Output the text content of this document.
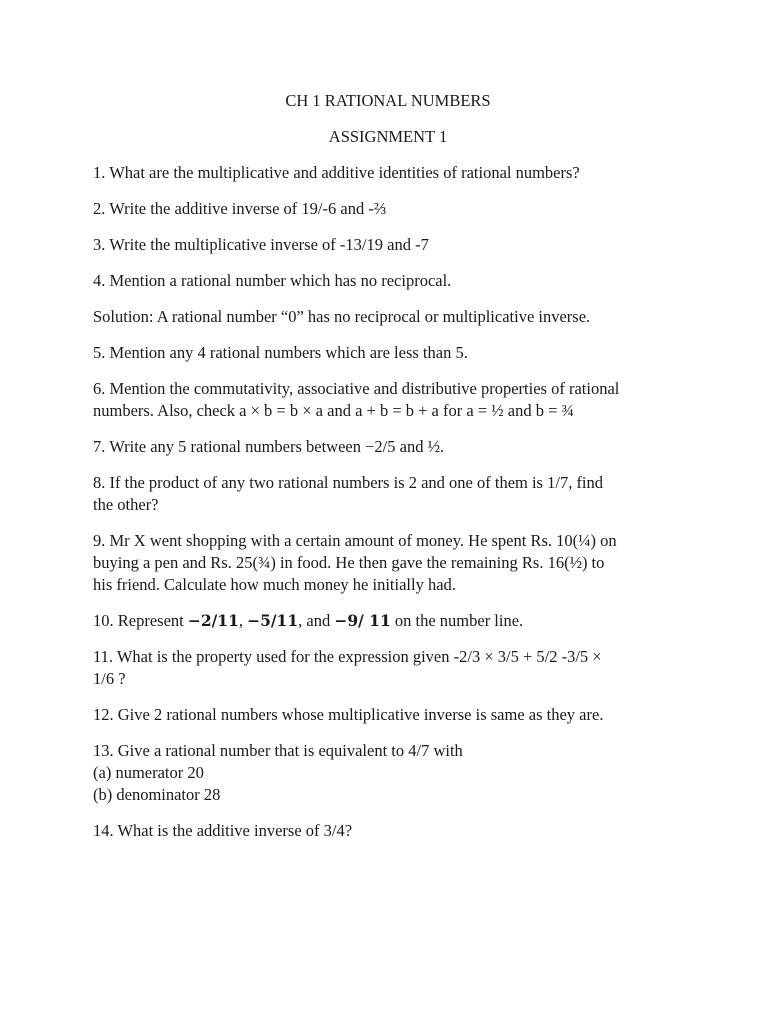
CH 1 RATIONAL NUMBERS

ASSIGNMENT 1

1. What are the multiplicative and additive identities of rational numbers?

2. Write the additive inverse of 19/-6 and -⅔

3. Write the multiplicative inverse of -13/19 and -7

4. Mention a rational number which has no reciprocal.

Solution: A rational number “0” has no reciprocal or multiplicative inverse.

5. Mention any 4 rational numbers which are less than 5.

6. Mention the commutativity, associative and distributive properties of rational
numbers. Also, check a × b = b × a and a + b = b + a for a = ½ and b = ¾

7. Write any 5 rational numbers between −2/5 and ½.

8. If the product of any two rational numbers is 2 and one of them is 1/7, find
the other?

9. Mr X went shopping with a certain amount of money. He spent Rs. 10(¼) on
buying a pen and Rs. 25(¾) in food. He then gave the remaining Rs. 16(½) to
his friend. Calculate how much money he initially had.

10. Represent −2/11, −5/11, and −9/ 11 on the number line.

11. What is the property used for the expression given -2/3 × 3/5 + 5/2 -3/5 ×
1/6 ?

12. Give 2 rational numbers whose multiplicative inverse is same as they are.

13. Give a rational number that is equivalent to 4/7 with
(a) numerator 20
(b) denominator 28

14. What is the additive inverse of 3/4?
